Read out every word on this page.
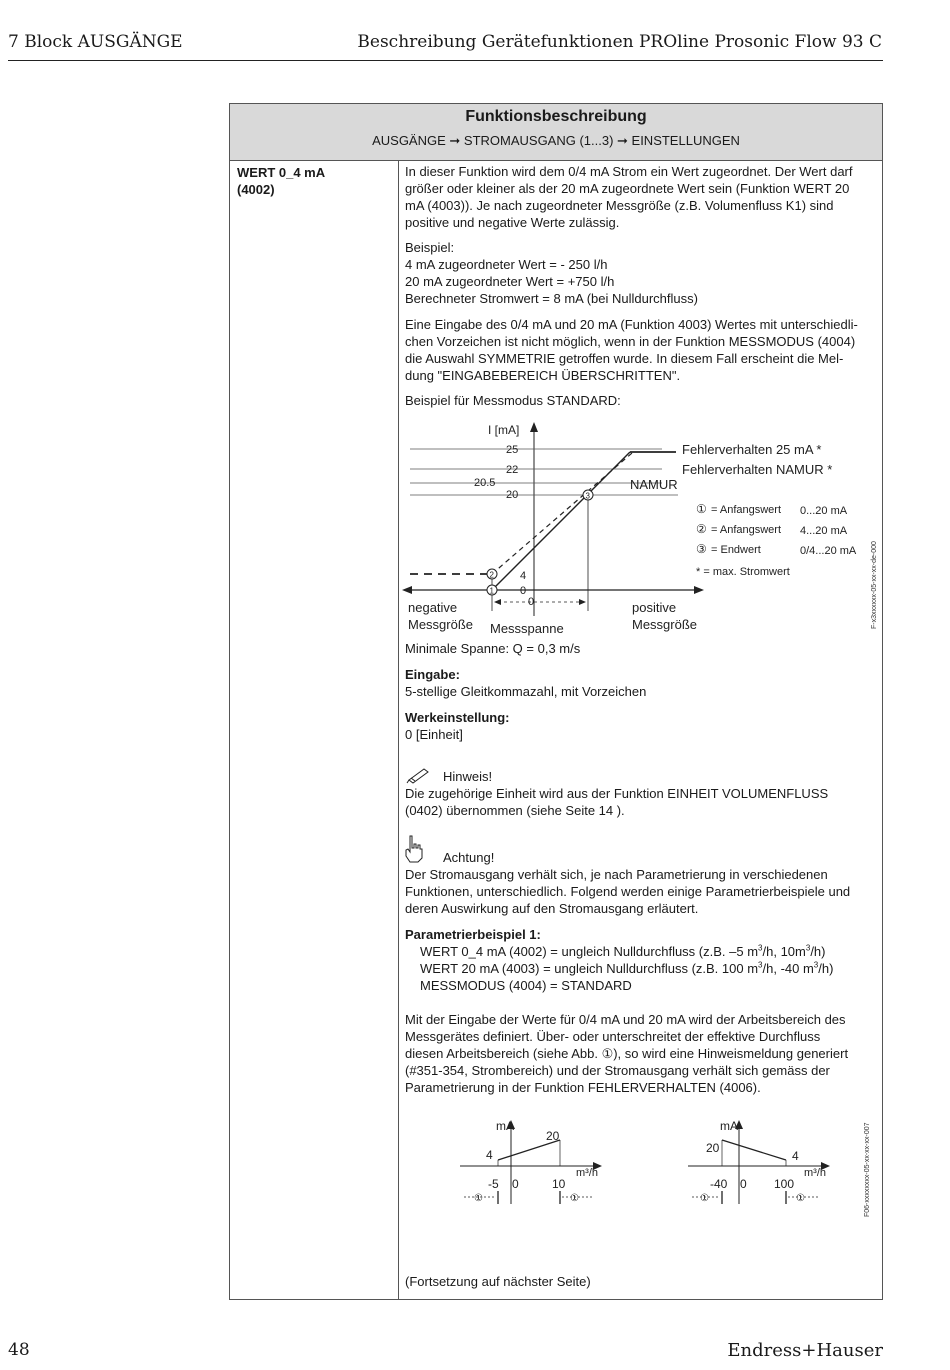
7 Block AUSGÄNGE	Beschreibung Gerätefunktionen PROline Prosonic Flow 93 C
Funktionsbeschreibung
AUSGÄNGE ➞ STROMAUSGANG (1...3) ➞ EINSTELLUNGEN
WERT 0_4 mA
(4002)
In dieser Funktion wird dem 0/4 mA Strom ein Wert zugeordnet. Der Wert darf
größer oder kleiner als der 20 mA zugeordnete Wert sein (Funktion WERT 20
mA (4003)). Je nach zugeordneter Messgröße (z.B. Volumenfluss K1) sind
positive und negative Werte zulässig.
Beispiel:
4 mA zugeordneter Wert = - 250 l/h
20 mA zugeordneter Wert = +750 l/h
Berechneter Stromwert = 8 mA (bei Nulldurchfluss)
Eine Eingabe des 0/4 mA und 20 mA (Funktion 4003) Wertes mit unterschiedli-
chen Vorzeichen ist nicht möglich, wenn in der Funktion MESSMODUS (4004)
die Auswahl SYMMETRIE getroffen wurde. In diesem Fall erscheint die Mel-
dung "EINGABEBEREICH ÜBERSCHRITTEN".
Beispiel für Messmodus STANDARD:
I [mA]
25
22
20.5
20
4
0
0
1
2
3
Fehlerverhalten 25 mA *
Fehlerverhalten NAMUR *
NAMUR
① = Anfangswert 0...20 mA
② = Anfangswert 4...20 mA
③ = Endwert	0/4...20 mA
* = max. Stromwert
negative
Messgröße
positive
Messgröße
Messspanne	F-x3xxxxxx-05-xx-xx-de-000
Minimale Spanne: Q = 0,3 m/s
Eingabe:
5-stellige Gleitkommazahl, mit Vorzeichen
Werkeinstellung:
0 [Einheit]
Hinweis!
Die zugehörige Einheit wird aus der Funktion EINHEIT VOLUMENFLUSS
(0402) übernommen (siehe Seite 14 ).
Achtung!
Der Stromausgang verhält sich, je nach Parametrierung in verschiedenen
Funktionen, unterschiedlich. Folgend werden einige Parametrierbeispiele und
deren Auswirkung auf den Stromausgang erläutert.
Parametrierbeispiel 1:
WERT 0_4 mA (4002) = ungleich Nulldurchfluss (z.B. –5 $m^3/h$, $10m^3/h$)
WERT 20 mA (4003) = ungleich Nulldurchfluss (z.B. 100 $m^3/h$, -40 $m^3/h$)
MESSMODUS (4004) = STANDARD
Mit der Eingabe der Werte für 0/4 mA und 20 mA wird der Arbeitsbereich des
Messgerätes definiert. Über- oder unterschreitet der effektive Durchfluss
diesen Arbeitsbereich (siehe Abb. ①), so wird eine Hinweismeldung generiert
(#351-354, Strombereich) und der Stromausgang verhält sich gemäss der
Parametrierung in der Funktion FEHLERVERHALTEN (4006).
mA
4
20
m³/h
-5 0	10
①	①
mA
20
4
m³/h
-40 0 100
①	①	F06-xxxxxxxx-05-xx-xx-xx-007
(Fortsetzung auf nächster Seite)
48	Endress+Hauser
